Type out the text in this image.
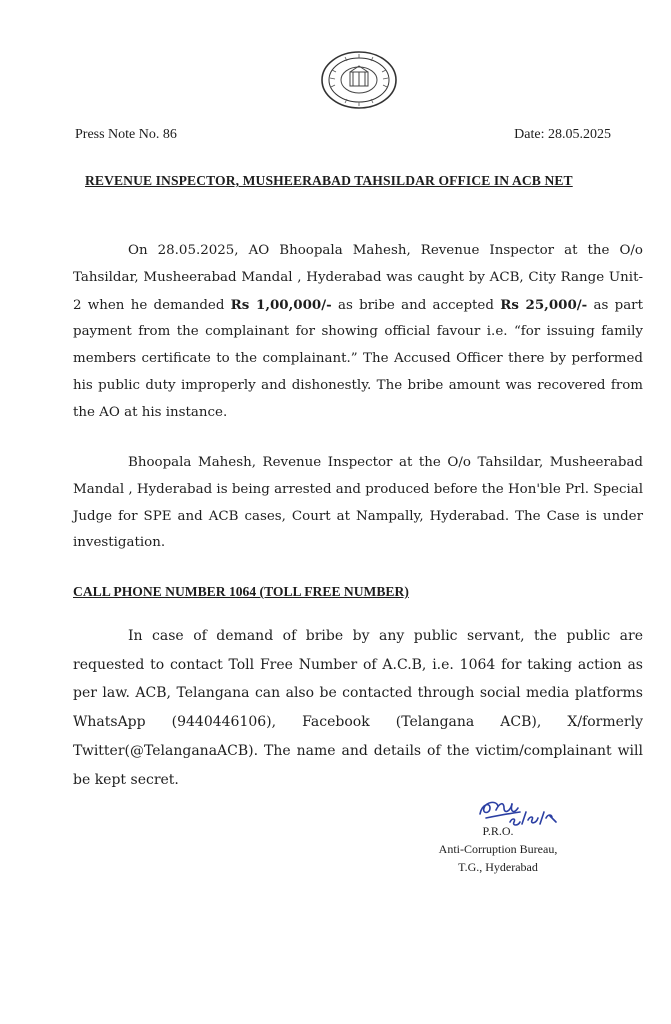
Press Note No. 86	Date: 28.05.2025
REVENUE INSPECTOR, MUSHEERABAD TAHSILDAR OFFICE IN ACB NET
On 28.05.2025, AO Bhoopala Mahesh, Revenue Inspector at the O/o Tahsildar, Musheerabad Mandal , Hyderabad was caught by ACB, City Range Unit-2 when he demanded Rs 1,00,000/- as bribe and accepted Rs 25,000/- as part payment from the complainant for showing official favour i.e. “for issuing family members certificate to the complainant.” The Accused Officer there by performed his public duty improperly and dishonestly. The bribe amount was recovered from the AO at his instance.
Bhoopala Mahesh, Revenue Inspector at the O/o Tahsildar, Musheerabad Mandal , Hyderabad is being arrested and produced before the Hon'ble Prl. Special Judge for SPE and ACB cases, Court at Nampally, Hyderabad. The Case is under investigation.
CALL PHONE NUMBER 1064 (TOLL FREE NUMBER)
In case of demand of bribe by any public servant, the public are requested to contact Toll Free Number of A.C.B, i.e. 1064 for taking action as per law. ACB, Telangana can also be contacted through social media platforms WhatsApp (9440446106), Facebook (Telangana ACB), X/formerly Twitter(@TelanganaACB). The name and details of the victim/complainant will be kept secret.
P.R.O.
Anti-Corruption Bureau,
T.G., Hyderabad
